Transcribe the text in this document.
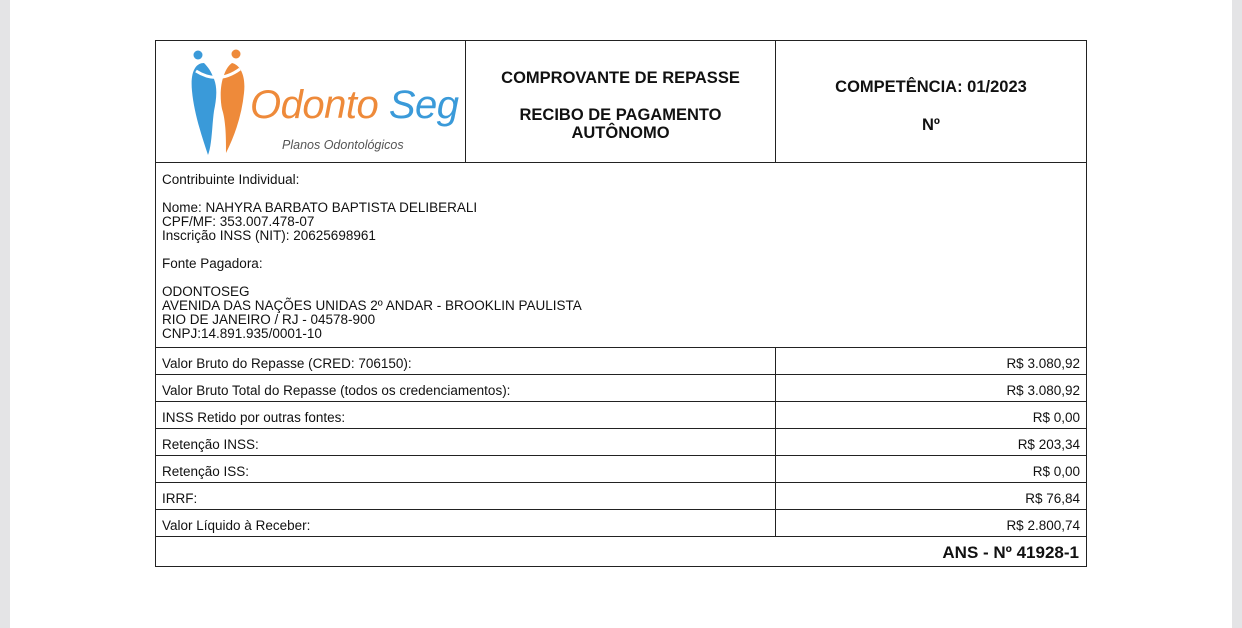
Odonto Seg
Planos Odontológicos
COMPROVANTE DE REPASSE
RECIBO DE PAGAMENTO
AUTÔNOMO
COMPETÊNCIA: 01/2023
Nº
Contribuinte Individual:
Nome: NAHYRA BARBATO BAPTISTA DELIBERALI
CPF/MF: 353.007.478-07
Inscrição INSS (NIT): 20625698961
Fonte Pagadora:
ODONTOSEG
AVENIDA DAS NAÇÕES UNIDAS 2º ANDAR - BROOKLIN PAULISTA
RIO DE JANEIRO / RJ - 04578-900
CNPJ:14.891.935/0001-10
Valor Bruto do Repasse (CRED: 706150):	R$ 3.080,92
Valor Bruto Total do Repasse (todos os credenciamentos):	R$ 3.080,92
INSS Retido por outras fontes:	R$ 0,00
Retenção INSS:	R$ 203,34
Retenção ISS:	R$ 0,00
IRRF:	R$ 76,84
Valor Líquido à Receber:	R$ 2.800,74
ANS - Nº 41928-1
